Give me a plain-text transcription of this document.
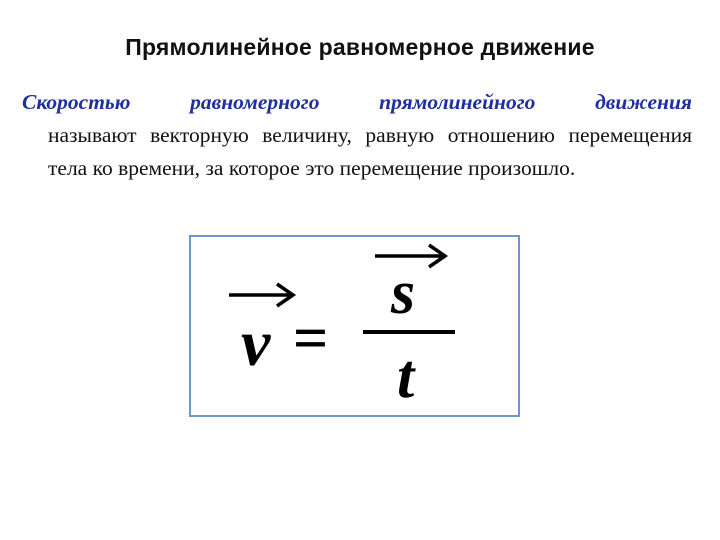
Прямолинейное равномерное движение
Скоростью равномерного прямолинейного движения
называют векторную величину, равную отношению перемещения тела ко времени, за которое это перемещение произошло.
v =
s
t
